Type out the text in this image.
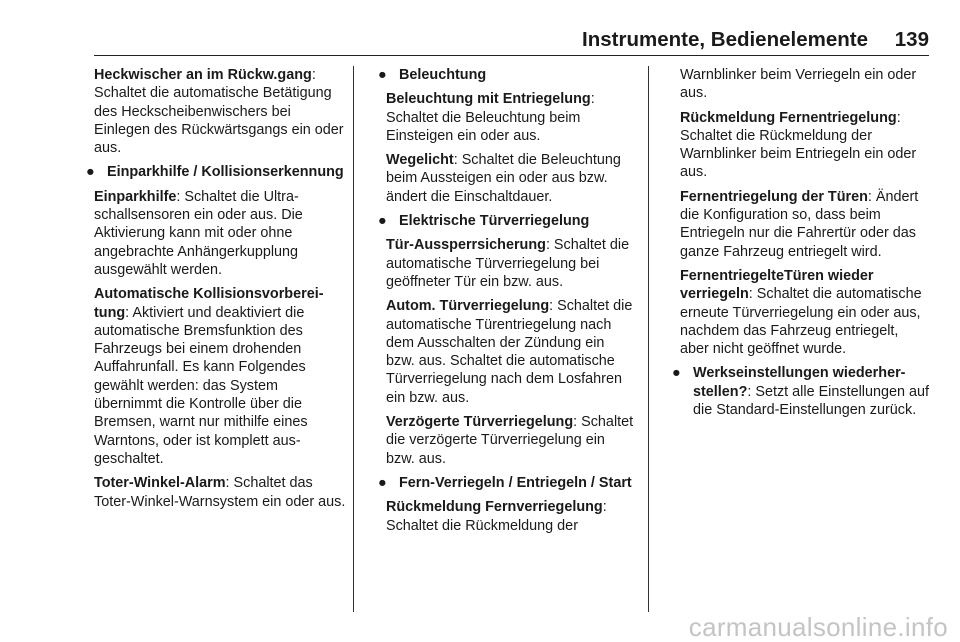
Instrumente, Bedienelemente 139
Heckwischer an im Rückw.gang: Schaltet die automatische Betätigung des Heckscheibenwischers bei Einlegen des Rückwärtsgangs ein oder aus.
● Einparkhilfe / Kollisionserkennung
Einparkhilfe: Schaltet die Ultraschallsensoren ein oder aus. Die Aktivierung kann mit oder ohne angebrachte Anhängerkupplung ausgewählt werden.
Automatische Kollisionsvorbereitung: Aktiviert und deaktiviert die automatische Bremsfunktion des Fahrzeugs bei einem drohenden Auffahrunfall. Es kann Folgendes gewählt werden: das System übernimmt die Kontrolle über die Bremsen, warnt nur mithilfe eines Warntons, oder ist komplett ausgeschaltet.
Toter-Winkel-Alarm: Schaltet das Toter-Winkel-Warnsystem ein oder aus.
● Beleuchtung
Beleuchtung mit Entriegelung: Schaltet die Beleuchtung beim Einsteigen ein oder aus.
Wegelicht: Schaltet die Beleuchtung beim Aussteigen ein oder aus bzw. ändert die Einschaltdauer.
● Elektrische Türverriegelung
Tür-Aussperrsicherung: Schaltet die automatische Türverriegelung bei geöffneter Tür ein bzw. aus.
Autom. Türverriegelung: Schaltet die automatische Türentriegelung nach dem Ausschalten der Zündung ein bzw. aus. Schaltet die automatische Türverriegelung nach dem Losfahren ein bzw. aus.
Verzögerte Türverriegelung: Schaltet die verzögerte Türverriegelung ein bzw. aus.
● Fern-Verriegeln / Entriegeln / Start
Rückmeldung Fernverriegelung: Schaltet die Rückmeldung der
Warnblinker beim Verriegeln ein oder aus.
Rückmeldung Fernentriegelung: Schaltet die Rückmeldung der Warnblinker beim Entriegeln ein oder aus.
Fernentriegelung der Türen: Ändert die Konfiguration so, dass beim Entriegeln nur die Fahrertür oder das ganze Fahrzeug entriegelt wird.
FernentriegelteTüren wieder verriegeln: Schaltet die automatische erneute Türverriegelung ein oder aus, nachdem das Fahrzeug entriegelt, aber nicht geöffnet wurde.
● Werkseinstellungen wiederherstellen?: Setzt alle Einstellungen auf die Standard-Einstellungen zurück.
carmanualsonline.info
